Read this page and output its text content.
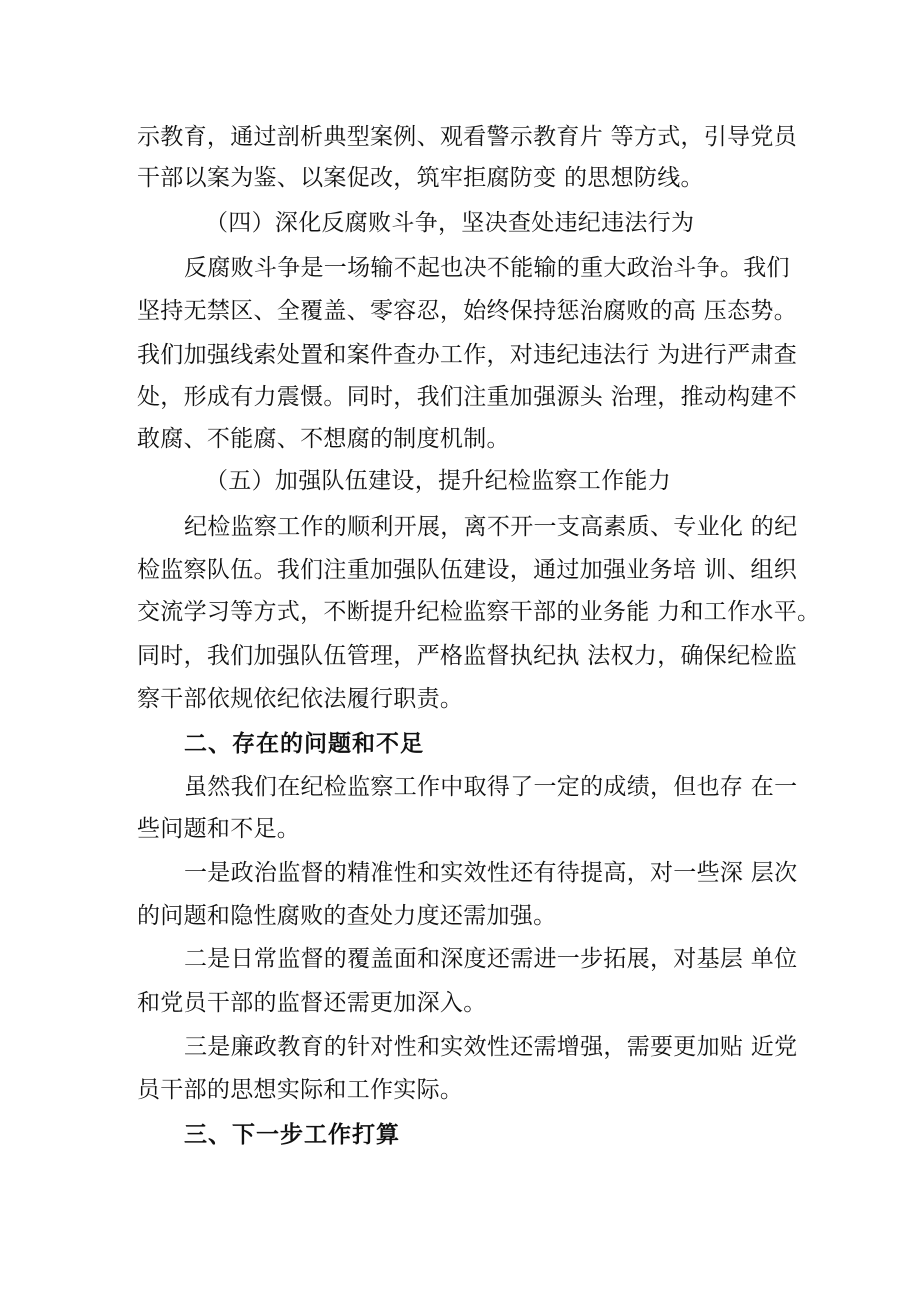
示教育，通过剖析典型案例、观看警示教育片 等方式，引导党员
干部以案为鉴、以案促改，筑牢拒腐防变 的思想防线。
（四）深化反腐败斗争，坚决查处违纪违法行为
反腐败斗争是一场输不起也决不能输的重大政治斗争。我们
坚持无禁区、全覆盖、零容忍，始终保持惩治腐败的高 压态势。
我们加强线索处置和案件查办工作，对违纪违法行 为进行严肃查
处，形成有力震慑。同时，我们注重加强源头 治理，推动构建不
敢腐、不能腐、不想腐的制度机制。
（五）加强队伍建设，提升纪检监察工作能力
纪检监察工作的顺利开展，离不开一支高素质、专业化 的纪
检监察队伍。我们注重加强队伍建设，通过加强业务培 训、组织
交流学习等方式，不断提升纪检监察干部的业务能 力和工作水平。
同时，我们加强队伍管理，严格监督执纪执 法权力，确保纪检监
察干部依规依纪依法履行职责。
二、存在的问题和不足
虽然我们在纪检监察工作中取得了一定的成绩，但也存 在一
些问题和不足。
一是政治监督的精准性和实效性还有待提高，对一些深 层次
的问题和隐性腐败的查处力度还需加强。
二是日常监督的覆盖面和深度还需进一步拓展，对基层 单位
和党员干部的监督还需更加深入。
三是廉政教育的针对性和实效性还需增强，需要更加贴 近党
员干部的思想实际和工作实际。
三、下一步工作打算
